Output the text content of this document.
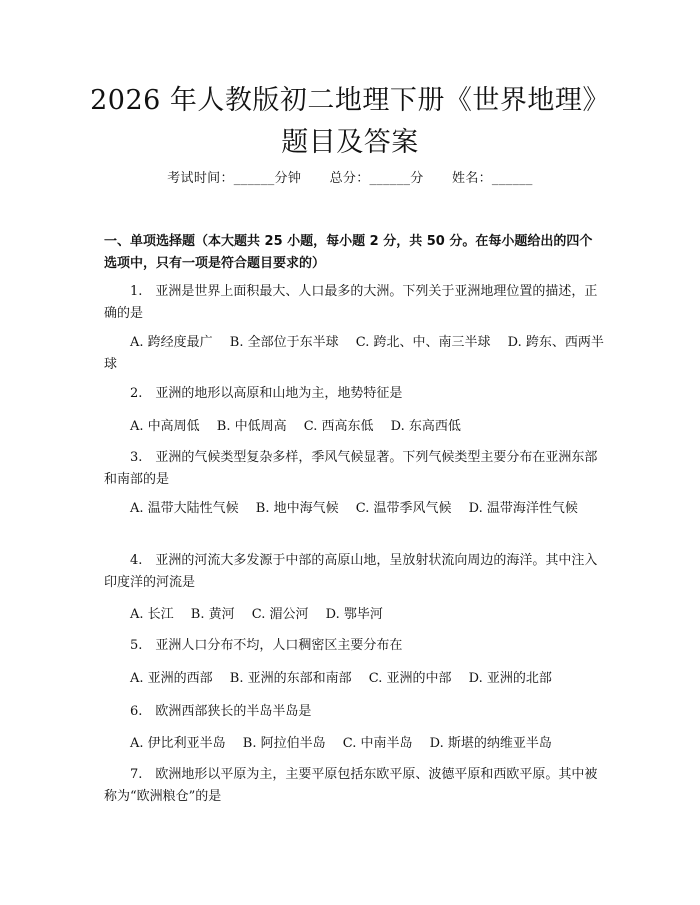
2026 年人教版初二地理下册《世界地理》题目及答案
考试时间：______分钟 总分：______分 姓名：______
一、单项选择题（本大题共 25 小题，每小题 2 分，共 50 分。在每小题给出的四个选项中，只有一项是符合题目要求的）
1.　亚洲是世界上面积最大、人口最多的大洲。下列关于亚洲地理位置的描述，正确的是
A. 跨经度最广　 B. 全部位于东半球　 C. 跨北、中、南三半球　 D. 跨东、西两半球
2.　亚洲的地形以高原和山地为主，地势特征是
A. 中高周低　 B. 中低周高　 C. 西高东低　 D. 东高西低
3.　亚洲的气候类型复杂多样，季风气候显著。下列气候类型主要分布在亚洲东部和南部的是
A. 温带大陆性气候　 B. 地中海气候　 C. 温带季风气候　 D. 温带海洋性气候
4.　亚洲的河流大多发源于中部的高原山地，呈放射状流向周边的海洋。其中注入印度洋的河流是
A. 长江　 B. 黄河　 C. 湄公河　 D. 鄂毕河
5.　亚洲人口分布不均，人口稠密区主要分布在
A. 亚洲的西部　 B. 亚洲的东部和南部　 C. 亚洲的中部　 D. 亚洲的北部
6.　欧洲西部狭长的半岛半岛是
A. 伊比利亚半岛　 B. 阿拉伯半岛　 C. 中南半岛　 D. 斯堪的纳维亚半岛
7.　欧洲地形以平原为主，主要平原包括东欧平原、波德平原和西欧平原。其中被称为“欧洲粮仓”的是
